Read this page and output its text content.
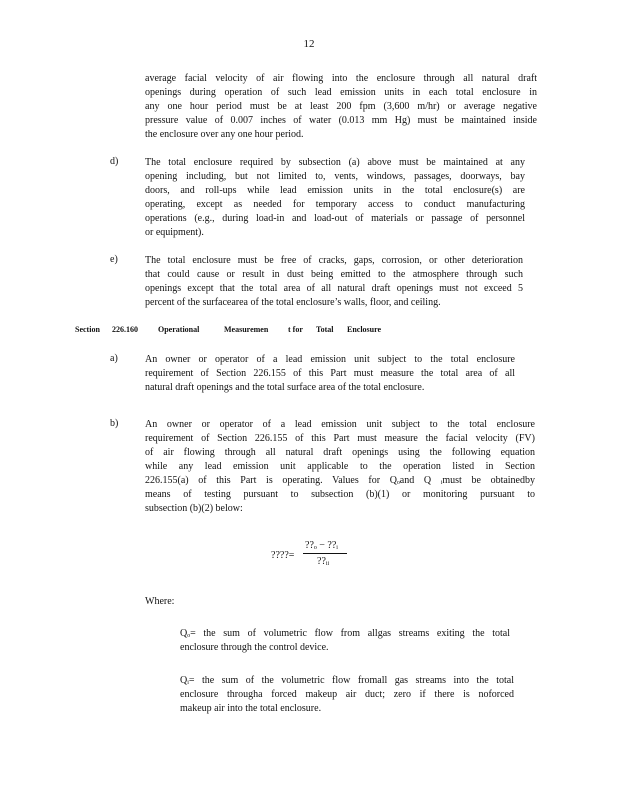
12
average facial velocity of air flowing into the enclosure through all natural draft
openings during operation of such lead emission units in each total enclosure in
any one hour period must be at least 200 fpm (3,600 m/hr) or average negative
pressure value of 0.007 inches of water (0.013 mm Hg) must be maintained inside
the enclosure over any one hour period.
d)	The total enclosure required by subsection (a) above must be maintained at any
opening including, but not limited to, vents, windows, passages, doorways, bay
doors, and roll-ups while lead emission units in the total enclosure(s) are
operating, except as needed for temporary access to conduct manufacturing
operations (e.g., during load-in and load-out of materials or passage of personnel
or equipment).
e)	The total enclosure must be free of cracks, gaps, corrosion, or other deterioration
that could cause or result in dust being emitted to the atmosphere through such
openings except that the total area of all natural draft openings must not exceed 5
percent of the surfacearea of the total enclosure’s walls, floor, and ceiling.
Section 226.160	Operational	Measuremen t for Total Enclosure
a)	An owner or operator of a lead emission unit subject to the total enclosure
requirement of Section 226.155 of this Part must measure the total area of all
natural draft openings and the total surface area of the total enclosure.
b)	An owner or operator of a lead emission unit subject to the total enclosure
requirement of Section 226.155 of this Part must measure the facial velocity (FV)
of air flowing through all natural draft openings using the following equation
while any lead emission unit applicable to the operation listed in Section
226.155(a) of this Part is operating. Values for Qₒand Q ᵢmust be obtainedby
means of testing pursuant to subsection (b)(1) or monitoring pursuant to
subsection (b)(2) below:
????=
??ₒ − ??ᵢ
??ᵢᵢ
Where:
Qₒ= the sum of volumetric flow from allgas streams exiting the total
enclosure through the control device.
Qᵢ= the sum of the volumetric flow fromall gas streams into the total
enclosure througha forced makeup air duct; zero if there is noforced
makeup air into the total enclosure.
